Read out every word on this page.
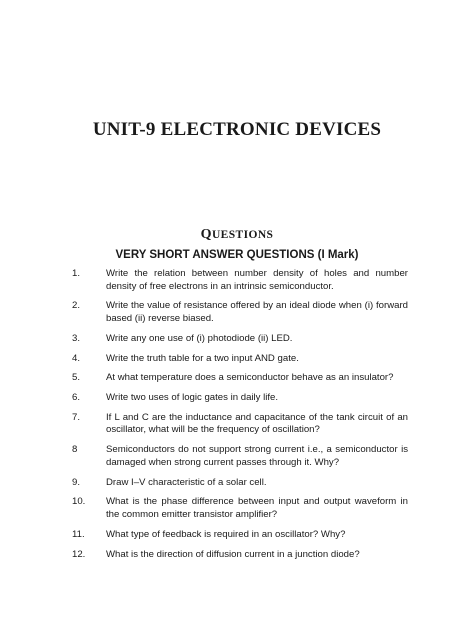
UNIT-9 ELECTRONIC DEVICES
QUESTIONS
VERY SHORT ANSWER QUESTIONS (I Mark)
1.	Write the relation between number density of holes and number density of free electrons in an intrinsic semiconductor.
2.	Write the value of resistance offered by an ideal diode when (i) forward based (ii) reverse biased.
3.	Write any one use of (i) photodiode (ii) LED.
4.	Write the truth table for a two input AND gate.
5.	At what temperature does a semiconductor behave as an insulator?
6.	Write two uses of logic gates in daily life.
7.	If L and C are the inductance and capacitance of the tank circuit of an oscillator, what will be the frequency of oscillation?
8	Semiconductors do not support strong current i.e., a semiconductor is damaged when strong current passes through it. Why?
9.	Draw I–V characteristic of a solar cell.
10.	What is the phase difference between input and output waveform in the common emitter transistor amplifier?
11.	What type of feedback is required in an oscillator? Why?
12.	What is the direction of diffusion current in a junction diode?
